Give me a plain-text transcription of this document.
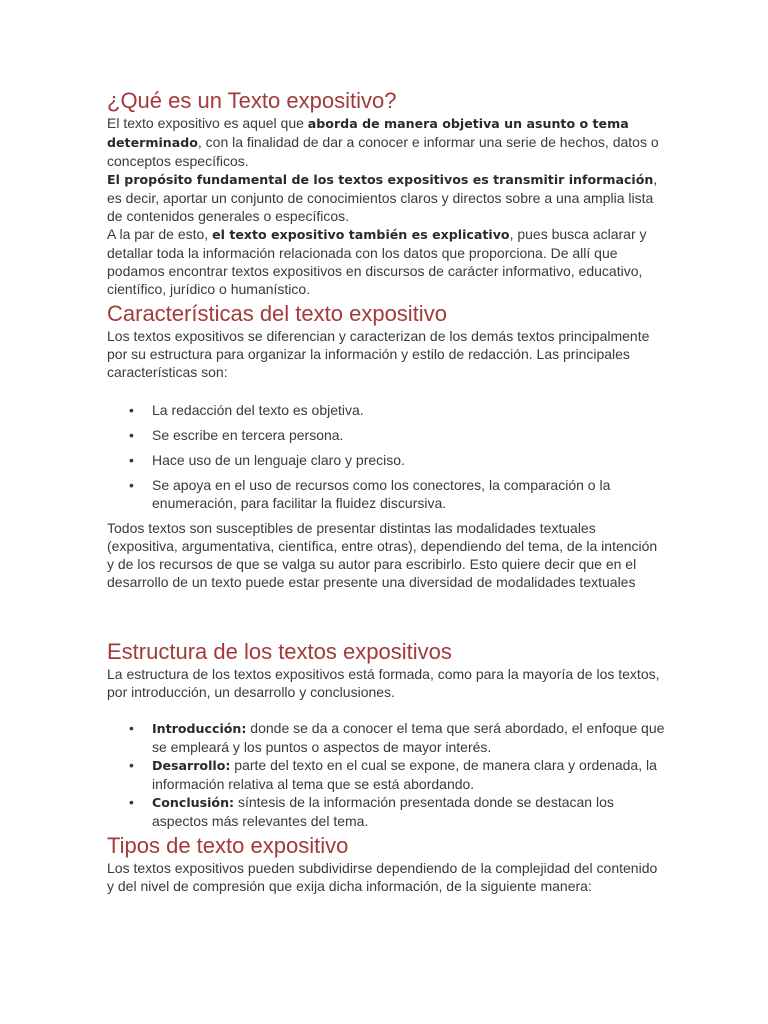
¿Qué es un Texto expositivo?

El texto expositivo es aquel que aborda de manera objetiva un asunto o tema determinado, con la finalidad de dar a conocer e informar una serie de hechos, datos o conceptos específicos.

El propósito fundamental de los textos expositivos es transmitir información, es decir, aportar un conjunto de conocimientos claros y directos sobre a una amplia lista de contenidos generales o específicos.

A la par de esto, el texto expositivo también es explicativo, pues busca aclarar y detallar toda la información relacionada con los datos que proporciona. De allí que podamos encontrar textos expositivos en discursos de carácter informativo, educativo, científico, jurídico o humanístico.

Características del texto expositivo

Los textos expositivos se diferencian y caracterizan de los demás textos principalmente por su estructura para organizar la información y estilo de redacción. Las principales características son:

• La redacción del texto es objetiva.
• Se escribe en tercera persona.
• Hace uso de un lenguaje claro y preciso.
• Se apoya en el uso de recursos como los conectores, la comparación o la enumeración, para facilitar la fluidez discursiva.

Todos textos son susceptibles de presentar distintas las modalidades textuales (expositiva, argumentativa, científica, entre otras), dependiendo del tema, de la intención y de los recursos de que se valga su autor para escribirlo. Esto quiere decir que en el desarrollo de un texto puede estar presente una diversidad de modalidades textuales

Estructura de los textos expositivos

La estructura de los textos expositivos está formada, como para la mayoría de los textos, por introducción, un desarrollo y conclusiones.

• Introducción: donde se da a conocer el tema que será abordado, el enfoque que se empleará y los puntos o aspectos de mayor interés.
• Desarrollo: parte del texto en el cual se expone, de manera clara y ordenada, la información relativa al tema que se está abordando.
• Conclusión: síntesis de la información presentada donde se destacan los aspectos más relevantes del tema.
Tipos de texto expositivo

Los textos expositivos pueden subdividirse dependiendo de la complejidad del contenido y del nivel de compresión que exija dicha información, de la siguiente manera:
